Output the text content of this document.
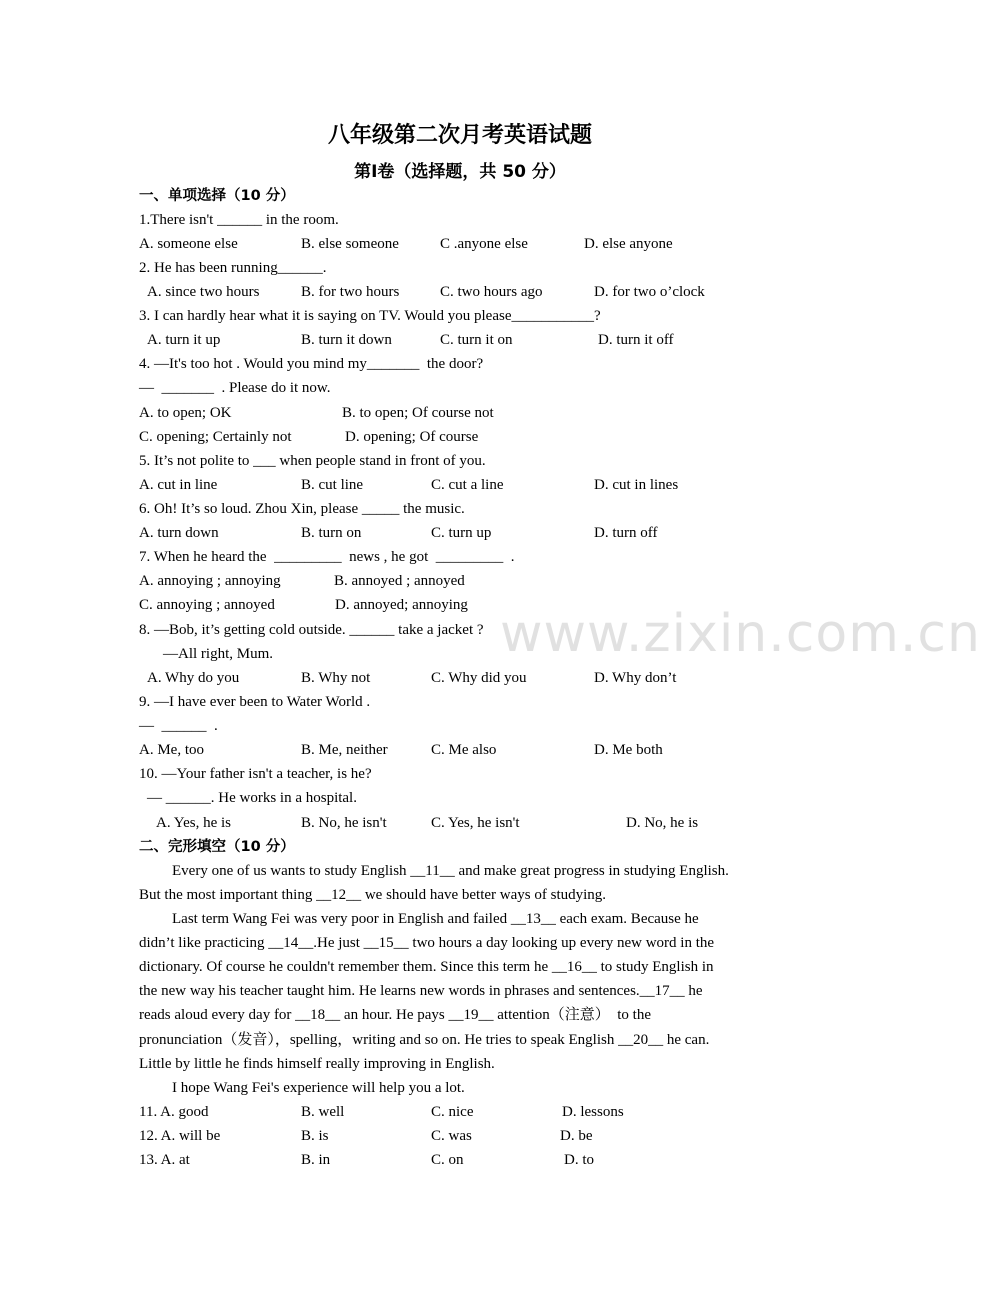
八年级第二次月考英语试题
第Ⅰ卷（选择题，共 50 分）
www.zixin.com.cn
一、单项选择（10 分）
1.There isn't ______ in the room.
A. someone else	B. else someone	C .anyone else	D. else anyone
2. He has been running______.
A. since two hours	B. for two hours	C. two hours ago	D. for two o’clock
3. I can hardly hear what it is saying on TV. Would you please___________?
A. turn it up	B. turn it down	C. turn it on	D. turn it off
4. —It's too hot . Would you mind my_______  the door?
—  _______  . Please do it now.
A. to open; OK	B. to open; Of course not
C. opening; Certainly not	D. opening; Of course
5. It’s not polite to ___ when people stand in front of you.
A. cut in line	B. cut line	C. cut a line	D. cut in lines
6. Oh! It’s so loud. Zhou Xin, please _____ the music.
A. turn down	B. turn on	C. turn up	D. turn off
7. When he heard the  _________  news , he got  _________  .
A. annoying ; annoying	B. annoyed ; annoyed
C. annoying ; annoyed	D. annoyed; annoying
8. —Bob, it’s getting cold outside. ______ take a jacket ?
—All right, Mum.
A. Why do you	B. Why not	C. Why did you	D. Why don’t
9. —I have ever been to Water World .
—  ______  .
A. Me, too	B. Me, neither	C. Me also	D. Me both
10. —Your father isn't a teacher, is he?
— ______. He works in a hospital.
A. Yes, he is	B. No, he isn't	C. Yes, he isn't	D. No, he is
二、完形填空（10 分）
Every one of us wants to study English __11__ and make great progress in studying English.
But the most important thing __12__ we should have better ways of studying.
Last term Wang Fei was very poor in English and failed __13__ each exam. Because he
didn’t like practicing __14__.He just __15__ two hours a day looking up every new word in the
dictionary. Of course he couldn't remember them. Since this term he __16__ to study English in
the new way his teacher taught him. He learns new words in phrases and sentences.__17__ he
reads aloud every day for __18__ an hour. He pays __19__ attention（注意）  to the
pronunciation（发音），spelling，writing and so on. He tries to speak English __20__ he can.
Little by little he finds himself really improving in English.
I hope Wang Fei's experience will help you a lot.
11. A. good	B. well	C. nice	D. lessons
12. A. will be	B. is	C. was	D. be
13. A. at	B. in	C. on	D. to
